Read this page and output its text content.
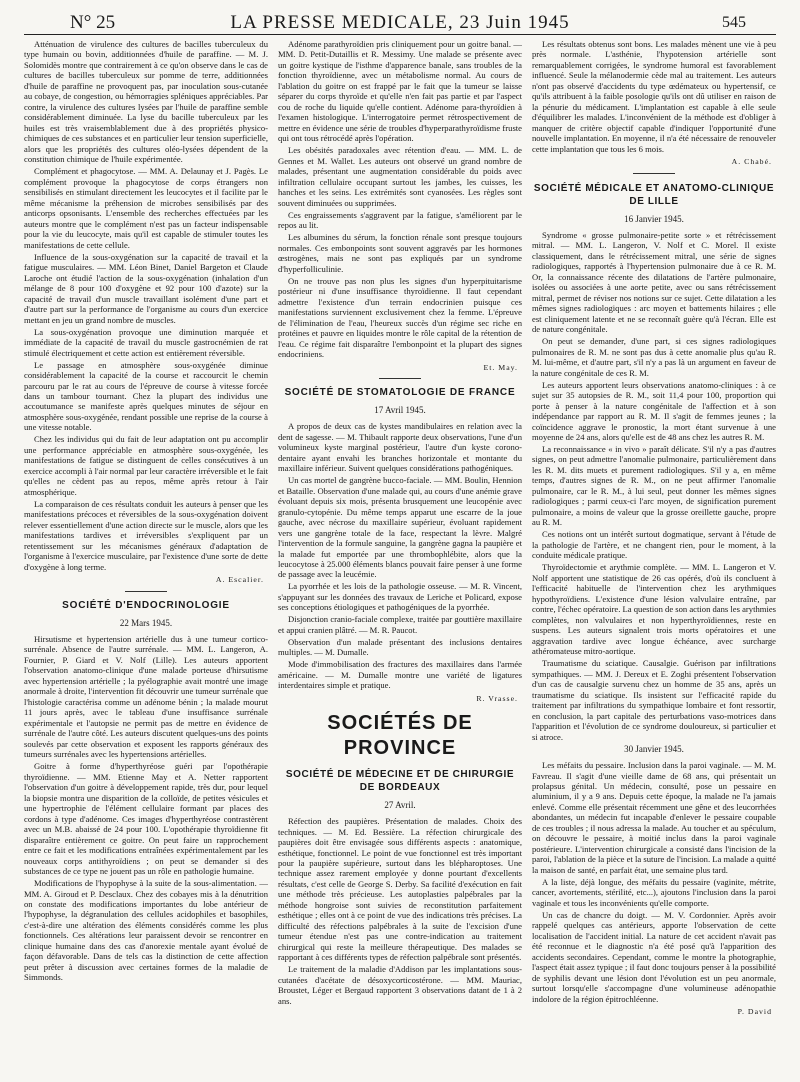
N° 25	LA PRESSE MEDICALE, 23 Juin 1945	545

Atténuation de virulence des cultures de bacilles tuberculeux du type humain ou bovin, additionnées d'huile de paraffine. — M. J. Solomidès montre que contrairement à ce qu'on observe dans le cas de cultures de bacilles tuberculeux sur pomme de terre, additionnées d'huile de paraffine ne provoquent pas, par inoculation sous-cutanée au cobaye, de congestion, ou hémorragies spléniques appréciables. Par contre, la virulence des cultures lysées par l'huile de paraffine semble considérablement diminuée. La lyse du bacille tuberculeux par les huiles est très vraisemblablement due à des propriétés physico-chimiques de ces substances et en particulier leur tension superficielle, alors que les propriétés des cultures oléo-lysées dépendent de la constitution chimique de l'huile expérimentée.

Complément et phagocytose. — MM. A. Delaunay et J. Pagès. Le complément provoque la phagocytose de corps étrangers non sensibilisés en stimulant directement les leucocytes et il facilite par le même mécanisme la préhension de microbes sensibilisés par des anticorps opsonisants. L'ensemble des recherches effectuées par les auteurs montre que le complément n'est pas un facteur indispensable pour la vie du leucocyte, mais qu'il est capable de stimuler toutes les manifestations de cette cellule.

Influence de la sous-oxygénation sur la capacité de travail et la fatigue musculaires. — MM. Léon Binet, Daniel Bargeton et Claude Laroche ont étudié l'action de la sous-oxygénation (inhalation d'un mélange de 8 pour 100 d'oxygène et 92 pour 100 d'azote) sur la capacité de travail d'un muscle travaillant isolément d'une part et d'autre part sur la performance de l'organisme au cours d'un exercice mettant en jeu un grand nombre de muscles.

La sous-oxygénation provoque une diminution marquée et immédiate de la capacité de travail du muscle gastrocnémien de rat stimulé électriquement et cette action est entièrement réversible.

Le passage en atmosphère sous-oxygénée diminue considérablement la capacité de la course et raccourcit le chemin parcouru par le rat au cours de l'épreuve de course à vitesse forcée dans un tambour tournant. Chez la plupart des individus une accoutumance se manifeste après quelques minutes de séjour en atmosphère sous-oxygénée, rendant possible une reprise de la course à une vitesse notable.

Chez les individus qui du fait de leur adaptation ont pu accomplir une performance appréciable en atmosphère sous-oxygénée, les manifestations de fatigue se distinguent de celles consécutives à un exercice accompli à l'air normal par leur caractère irréversible et le fait qu'elles ne cèdent pas au repos, même après retour à l'air atmosphérique.

La comparaison de ces résultats conduit les auteurs à penser que les manifestations précoces et réversibles de la sous-oxygénation doivent relever essentiellement d'une action directe sur le muscle, alors que les manifestations tardives et irréversibles s'expliquent par un retentissement sur les mécanismes généraux d'adaptation de l'organisme à l'exercice musculaire, par l'existence d'une sorte de dette d'oxygène à long terme.

A. Escalier.

SOCIÉTÉ D'ENDOCRINOLOGIE
22 Mars 1945.

Hirsutisme et hypertension artérielle dus à une tumeur cortico-surrénale. Absence de l'autre surrénale. — MM. L. Langeron, A. Fournier, P. Giard et V. Nolf (Lille). Les auteurs apportent l'observation anatomo-clinique d'une malade porteuse d'hirsutisme avec hypertension artérielle ; la pyélographie avait montré une image anormale à droite, l'intervention fit découvrir une tumeur surrénale que l'histologie caractérisa comme un adénome bénin ; la malade mourut 11 jours après, avec le tableau d'une insuffisance surrénale expérimentale et l'autopsie ne permit pas de mettre en évidence de surrénale de l'autre côté. Les auteurs discutent quelques-uns des points soulevés par cette observation et exposent les rapports généraux des tumeurs surrénales avec les hypertensions artérielles.

Goitre à forme d'hyperthyréose guéri par l'opothérapie thyroïdienne. — MM. Etienne May et A. Netter rapportent l'observation d'un goitre à développement rapide, très dur, pour lequel la biopsie montra une disparition de la colloïde, de petites vésicules et une hypertrophie de l'élément cellulaire formant par places des cordons à type d'adénome. Ces images d'hyperthyréose contrastèrent avec un M.B. abaissé de 24 pour 100. L'opothérapie thyroïdienne fit disparaître entièrement ce goitre. On peut faire un rapprochement entre ce fait et les modifications entraînées expérimentalement par les nouveaux corps antithyroïdiens ; on peut se demander si des substances de ce type ne jouent pas un rôle en pathologie humaine.

Modifications de l'hypophyse à la suite de la sous-alimentation. — MM. A. Giroud et P. Desclaux. Chez des cobayes mis à la dénutrition on constate des modifications importantes du lobe antérieur de l'hypophyse, la dégranulation des cellules acidophiles et basophiles, c'est-à-dire une altération des éléments considérés comme les plus fonctionnels. Ces altérations leur paraissent devoir se rencontrer en clinique humaine dans des cas d'anorexie mentale ayant évolué de façon défavorable. Dans de tels cas la distinction de cette affection peut prêter à discussion avec certaines formes de la maladie de Simmonds.

Adénome parathyroïdien pris cliniquement pour un goitre banal. — MM. D. Petit-Dutaillis et R. Messimy. Une malade se présente avec un goitre kystique de l'isthme d'apparence banale, sans troubles de la fonction thyroïdienne, avec un métabolisme normal. Au cours de l'ablation du goitre on est frappé par le fait que la tumeur se laisse séparer du corps thyroïde et qu'elle n'en fait pas partie et par l'aspect cou de roche du liquide qu'elle contient. Adénome para-thyroïdien à l'examen histologique. L'interrogatoire permet rétrospectivement de mettre en évidence une série de troubles d'hyperparathyroïdisme fruste qui ont tous rétrocédé après l'opération.

Les obésités paradoxales avec rétention d'eau. — MM. L. de Gennes et M. Wallet. Les auteurs ont observé un grand nombre de malades, présentant une augmentation considérable du poids avec infiltration cellulaire occupant surtout les jambes, les cuisses, les hanches et les seins. Les extrémités sont cyanosées. Les règles sont souvent diminuées ou supprimées.

Ces engraissements s'aggravent par la fatigue, s'améliorent par le repos au lit.

Les albumines du sérum, la fonction rénale sont presque toujours normales. Ces embonpoints sont souvent aggravés par les hormones œstrogènes, mais ne sont pas expliqués par un syndrome d'hyperfolliculinie.

On ne trouve pas non plus les signes d'un hyperpituitarisme postérieur ni d'une insuffisance thyroïdienne. Il faut cependant admettre l'existence d'un terrain endocrinien puisque ces manifestations surviennent exclusivement chez la femme. L'épreuve de l'élimination de l'eau, l'heureux succès d'un régime sec riche en protéines et pauvre en liquides montre le rôle capital de la rétention de l'eau. Ce régime fait disparaître l'embonpoint et la plupart des signes endocriniens.

Et. May.

SOCIÉTÉ DE STOMATOLOGIE DE FRANCE
17 Avril 1945.

A propos de deux cas de kystes mandibulaires en relation avec la dent de sagesse. — M. Thibault rapporte deux observations, l'une d'un volumineux kyste marginal postérieur, l'autre d'un kyste corono-dentaire ayant envahi les branches horizontale et montante du maxillaire inférieur. Suivent quelques considérations pathogéniques.

Un cas mortel de gangrène bucco-faciale. — MM. Boulin, Hennion et Bataille. Observation d'une malade qui, au cours d'une anémie grave évoluant depuis six mois, présenta brusquement une leucopénie avec granulo-cytopénie. Du même temps apparut une escarre de la joue gauche, avec nécrose du maxillaire supérieur, évoluant rapidement vers une gangrène totale de la face, respectant la lèvre. Malgré l'intervention de la formule sanguine, la gangrène gagna la paupière et la malade fut emportée par une thrombophlébite, alors que la leucocytose à 25.000 éléments blancs pouvait faire penser à une forme de passage avec la leucémie.

La pyorrhée et les lois de la pathologie osseuse. — M. R. Vincent, s'appuyant sur les données des travaux de Leriche et Policard, expose ses conceptions étiologiques et pathogéniques de la pyorrhée.

Disjonction cranio-faciale complexe, traitée par gouttière maxillaire et appui cranien plâtré. — M. R. Paucot.

Observation d'un malade présentant des inclusions dentaires multiples. — M. Dumalle.

Mode d'immobilisation des fractures des maxillaires dans l'armée américaine. — M. Dumalle montre une variété de ligatures interdentaires simple et pratique.

R. Vrasse.

SOCIÉTÉS DE PROVINCE
SOCIÉTÉ DE MÉDECINE ET DE CHIRURGIE DE BORDEAUX
27 Avril.

Réfection des paupières. Présentation de malades. Choix des techniques. — M. Ed. Bessière. La réfection chirurgicale des paupières doit être envisagée sous différents aspects : anatomique, esthétique, fonctionnel. Le point de vue fonctionnel est très important pour la paupière supérieure, surtout dans les blépharoptoses. Une technique assez rarement employée y donne pourtant d'excellents résultats, c'est celle de George S. Derby. Sa facilité d'exécution en fait une méthode très précieuse. Les autoplasties palpébrales par la méthode hongroise sont suivies de reconstitution parfaitement esthétique ; elles ont à ce point de vue des indications très précises. La difficulté des réfections palpébrales à la suite de l'excision d'une tumeur étendue n'est pas une contre-indication au traitement chirurgical qui reste la meilleure thérapeutique. Des malades se rapportant à ces différents types de réfection palpébrale sont présentés.

Le traitement de la maladie d'Addison par les implantations sous-cutanées d'acétate de désoxycorticostérone. — MM. Mauriac, Broustet, Léger et Bergaud rapportent 3 observations datant de 1 à 2 ans.

Les résultats obtenus sont bons. Les malades mènent une vie à peu près normale. L'asthénie, l'hypotension artérielle sont remarquablement corrigées, le syndrome humoral est favorablement influencé. Seule la mélanodermie cède mal au traitement. Les auteurs n'ont pas observé d'accidents du type œdémateux ou hypertensif, ce qu'ils attribuent à la faible posologie qu'ils ont dû utiliser en raison de la pénurie du médicament. L'implantation est capable à elle seule d'équilibrer les malades. L'inconvénient de la méthode est d'obliger à manquer de critère objectif capable d'indiquer l'opportunité d'une nouvelle implantation. En moyenne, il n'a été nécessaire de renouveler cette implantation que tous les 6 mois.

A. Chabé.

SOCIÉTÉ MÉDICALE ET ANATOMO-CLINIQUE DE LILLE
16 Janvier 1945.

Syndrome « grosse pulmonaire-petite sorte » et rétrécissement mitral. — MM. L. Langeron, V. Nolf et C. Morel. Il existe classiquement, dans le rétrécissement mitral, une série de signes radiologiques, rapportés à l'hypertension pulmonaire due à ce R. M. Or, la connaissance récente des dilatations de l'artère pulmonaire, isolées ou associées à une aorte petite, avec ou sans rétrécissement mitral, permet de réviser nos notions sur ce sujet. Cette dilatation a les mêmes signes radiologiques : arc moyen et battements hilaires ; elle est cliniquement latente et ne se reconnaît guère qu'à l'écran. Elle est de nature congénitale.

On peut se demander, d'une part, si ces signes radiologiques pulmonaires de R. M. ne sont pas dus à cette anomalie plus qu'au R. M. lui-même, et d'autre part, s'il n'y a pas là un argument en faveur de la nature congénitale de ces R. M.

Les auteurs apportent leurs observations anatomo-cliniques : à ce sujet sur 35 autopsies de R. M., soit 11,4 pour 100, proportion qui porte à penser à la nature congénitale de l'affection et à son indépendance par rapport au R. M. Il s'agit de femmes jeunes ; la coïncidence aggrave le pronostic, la mort étant survenue à une moyenne de 24 ans, alors qu'elle est de 48 ans chez les autres R. M.

La reconnaissance « in vivo » paraît délicate. S'il n'y a pas d'autres signes, on peut admettre l'anomalie pulmonaire, particulièrement dans les R. M. dits muets et purement radiologiques. S'il y a, en même temps, d'autres signes de R. M., on ne peut affirmer l'anomalie pulmonaire, car le R. M., à lui seul, peut donner les mêmes signes radiologiques ; parmi ceux-ci l'arc moyen, de signification purement pulmonaire, a moins de valeur que la grosse oreillette gauche, propre au R. M.

Ces notions ont un intérêt surtout dogmatique, servant à l'étude de la pathologie de l'artère, et ne changent rien, pour le moment, à la conduite médicale pratique.

Thyroïdectomie et arythmie complète. — MM. L. Langeron et V. Nolf apportent une statistique de 26 cas opérés, d'où ils concluent à l'efficacité habituelle de l'intervention chez les arythmiques hypothyroïdiens. L'existence d'une lésion valvulaire entraîne, par contre, l'échec opératoire. La question de son action dans les arythmies complètes, non valvulaires et non hyperthyroïdiennes, reste en suspens. Les auteurs signalent trois morts opératoires et une aggravation tardive avec longue échéance, avec surcharge athéromateuse mitro-aortique.

Traumatisme du sciatique. Causalgie. Guérison par infiltrations sympathiques. — MM. J. Dereux et E. Zoghi présentent l'observation d'un cas de causalgie survenu chez un homme de 35 ans, après un traumatisme du sciatique. Ils insistent sur l'efficacité rapide du traitement par infiltrations du sympathique lombaire et font ressortir, en conclusion, la part capitale des perturbations vaso-motrices dans l'apparition et l'évolution de ce syndrome douloureux, si particulier et si atroce.

30 Janvier 1945.

Les méfaits du pessaire. Inclusion dans la paroi vaginale. — M. M. Favreau. Il s'agit d'une vieille dame de 68 ans, qui présentait un prolapsus génital. Un médecin, consulté, pose un pessaire en aluminium, il y a 9 ans. Depuis cette époque, la malade ne l'a jamais enlevé. Comme elle présentait récemment une gêne et des leucorrhées abondantes, un médecin fut incapable d'enlever le pessaire coupable de ces troubles ; il nous adressa la malade. Au toucher et au spéculum, on découvre le pessaire, à moitié inclus dans la paroi vaginale postérieure. L'intervention chirurgicale a consisté dans l'incision de la paroi, l'ablation de la pièce et la suture de l'incision. La malade a quitté la maison de santé, en parfait état, une semaine plus tard.

A la liste, déjà longue, des méfaits du pessaire (vaginite, métrite, cancer, avortements, stérilité, etc...), ajoutons l'inclusion dans la paroi vaginale et tous les inconvénients qu'elle comporte.

Un cas de chancre du doigt. — M. V. Cordonnier. Après avoir rappelé quelques cas antérieurs, apporte l'observation de cette localisation de l'accident initial. La nature de cet accident n'avait pas été reconnue et le diagnostic n'a été posé qu'à l'apparition des accidents secondaires. Cependant, comme le montre la photographie, l'aspect était assez typique ; il faut donc toujours penser à la possibilité de syphilis devant une lésion dont l'évolution est un peu anormale, surtout lorsqu'elle s'accompagne d'une volumineuse adénopathie indolore de la région épitrochléenne.

P. David
